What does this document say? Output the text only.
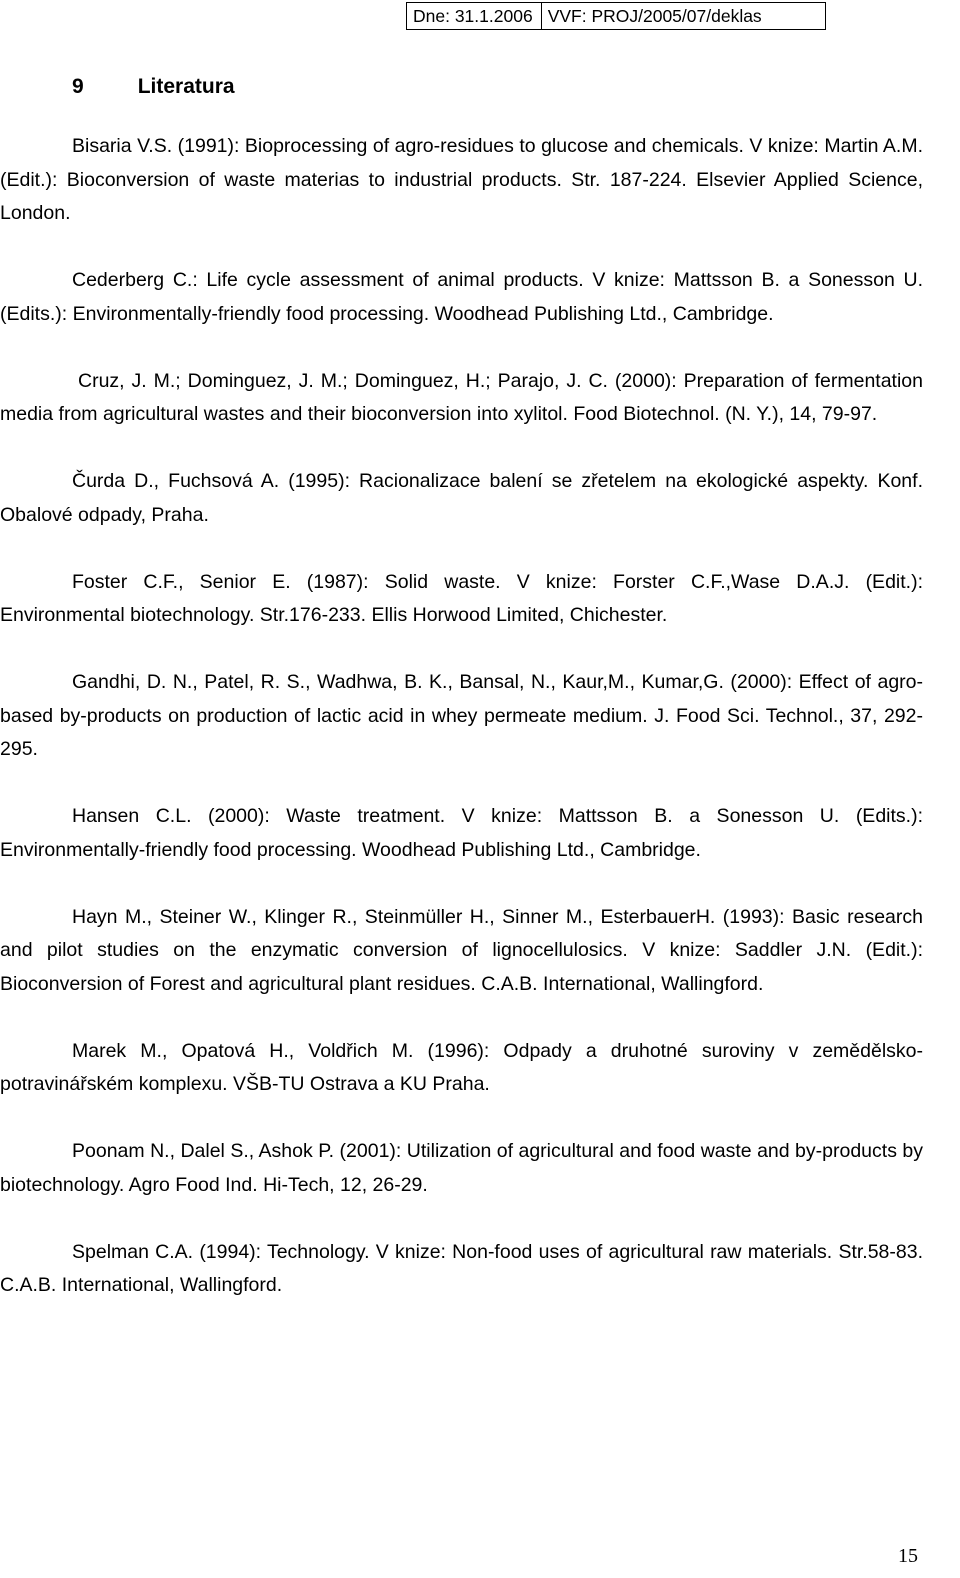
Dne: 31.1.2006 VVF: PROJ/2005/07/deklas
9	Literatura
Bisaria V.S. (1991): Bioprocessing of agro-residues to glucose and chemicals. V knize: Martin A.M. (Edit.): Bioconversion of waste materias to industrial products. Str. 187-224. Elsevier Applied Science, London.
Cederberg C.: Life cycle assessment of animal products. V knize: Mattsson B. a Sonesson U. (Edits.): Environmentally-friendly food processing. Woodhead Publishing Ltd., Cambridge.
Cruz, J. M.; Dominguez, J. M.; Dominguez, H.; Parajo, J. C. (2000): Preparation of fermentation media from agricultural wastes and their bioconversion into xylitol. Food Biotechnol. (N. Y.), 14, 79-97.
Čurda D., Fuchsová A. (1995): Racionalizace balení se zřetelem na ekologické aspekty. Konf. Obalové odpady, Praha.
Foster C.F., Senior E. (1987): Solid waste. V knize: Forster C.F.,Wase D.A.J. (Edit.): Environmental biotechnology. Str.176-233. Ellis Horwood Limited, Chichester.
Gandhi, D. N., Patel, R. S., Wadhwa, B. K., Bansal, N., Kaur,M., Kumar,G. (2000): Effect of agro-based by-products on production of lactic acid in whey permeate medium. J. Food Sci. Technol., 37, 292-295.
Hansen C.L. (2000): Waste treatment. V knize: Mattsson B. a Sonesson U. (Edits.): Environmentally-friendly food processing. Woodhead Publishing Ltd., Cambridge.
Hayn M., Steiner W., Klinger R., Steinmüller H., Sinner M., EsterbauerH. (1993): Basic research and pilot studies on the enzymatic conversion of lignocellulosics. V knize: Saddler J.N. (Edit.): Bioconversion of Forest and agricultural plant residues. C.A.B. International, Wallingford.
Marek M., Opatová H., Voldřich M. (1996): Odpady a druhotné suroviny v zemědělsko-potravinářském komplexu. VŠB-TU Ostrava a KU Praha.
Poonam N., Dalel S., Ashok P. (2001): Utilization of agricultural and food waste and by-products by biotechnology. Agro Food Ind. Hi-Tech, 12, 26-29.
Spelman C.A. (1994): Technology. V knize: Non-food uses of agricultural raw materials. Str.58-83. C.A.B. International, Wallingford.
15
